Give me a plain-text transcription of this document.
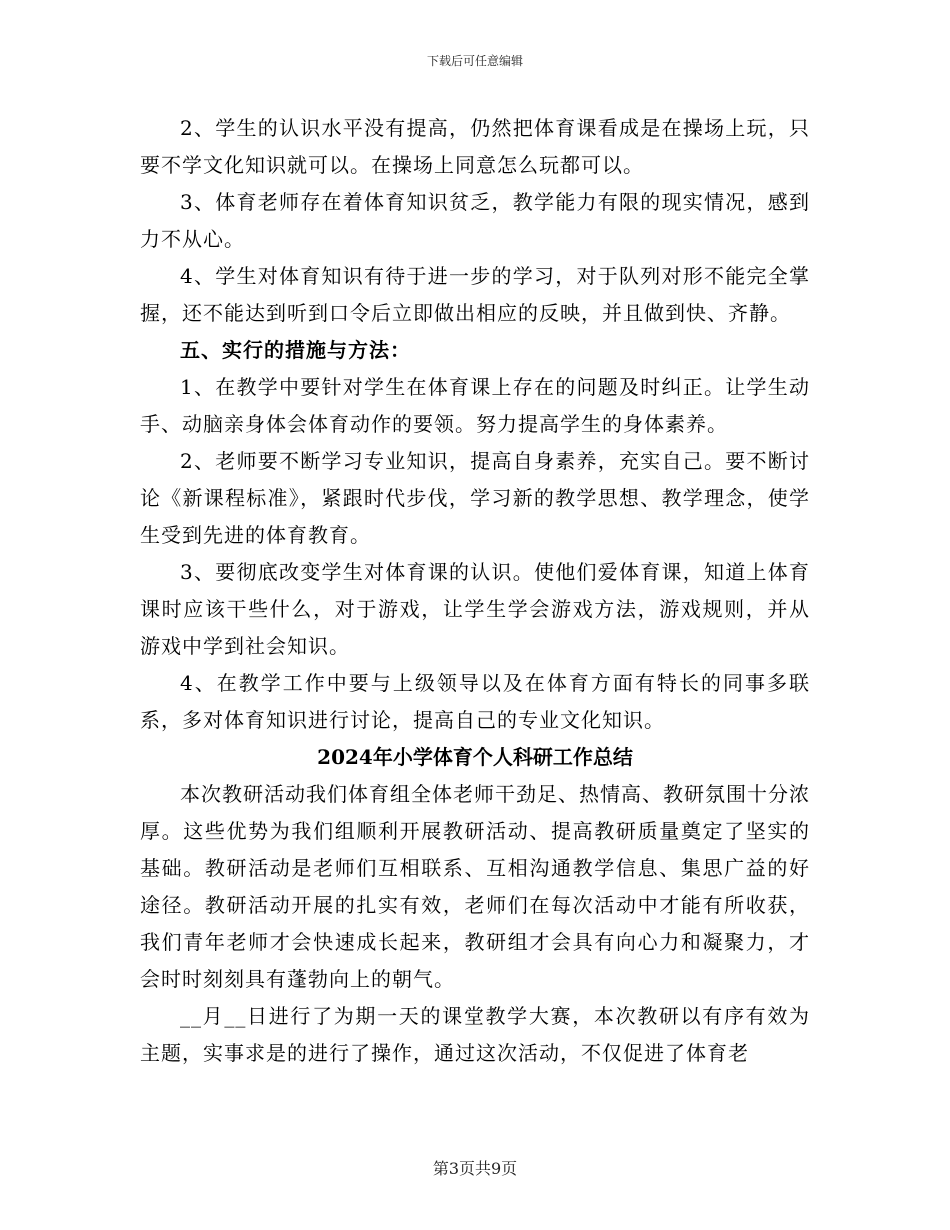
下载后可任意编辑

2、学生的认识水平没有提高，仍然把体育课看成是在操场上玩，只要不学文化知识就可以。在操场上同意怎么玩都可以。

3、体育老师存在着体育知识贫乏，教学能力有限的现实情况，感到力不从心。

4、学生对体育知识有待于进一步的学习，对于队列对形不能完全掌握，还不能达到听到口令后立即做出相应的反映，并且做到快、齐静。

五、实行的措施与方法：

1、在教学中要针对学生在体育课上存在的问题及时纠正。让学生动手、动脑亲身体会体育动作的要领。努力提高学生的身体素养。

2、老师要不断学习专业知识，提高自身素养，充实自己。要不断讨论《新课程标准》，紧跟时代步伐，学习新的教学思想、教学理念，使学生受到先进的体育教育。

3、要彻底改变学生对体育课的认识。使他们爱体育课，知道上体育课时应该干些什么，对于游戏，让学生学会游戏方法，游戏规则，并从游戏中学到社会知识。

4、在教学工作中要与上级领导以及在体育方面有特长的同事多联系，多对体育知识进行讨论，提高自己的专业文化知识。

2024年小学体育个人科研工作总结

本次教研活动我们体育组全体老师干劲足、热情高、教研氛围十分浓厚。这些优势为我们组顺利开展教研活动、提高教研质量奠定了坚实的基础。教研活动是老师们互相联系、互相沟通教学信息、集思广益的好途径。教研活动开展的扎实有效，老师们在每次活动中才能有所收获，我们青年老师才会快速成长起来，教研组才会具有向心力和凝聚力，才会时时刻刻具有蓬勃向上的朝气。

__月__日进行了为期一天的课堂教学大赛，本次教研以有序有效为主题，实事求是的进行了操作，通过这次活动，不仅促进了体育老

第3页共9页
